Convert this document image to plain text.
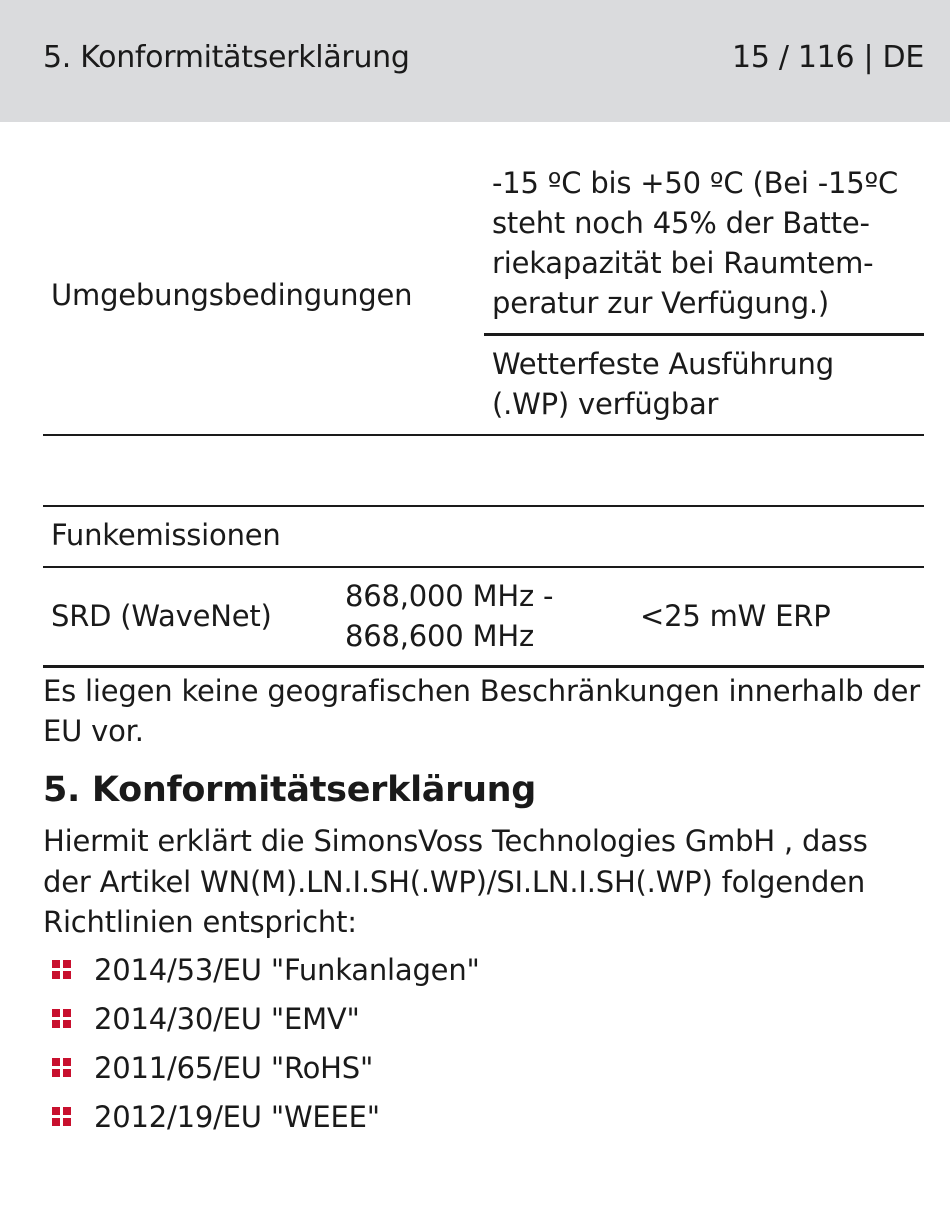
5. Konformitätserklärung	15 / 116 | DE
Umgebungsbedingungen
-15 ºC bis +50 ºC (Bei -15ºC
steht noch 45% der Batte-
riekapazität bei Raumtem-
peratur zur Verfügung.)
Wetterfeste Ausführung
(.WP) verfügbar
Funkemissionen
SRD (WaveNet)
868,000 MHz -
868,600 MHz
<25 mW ERP
Es liegen keine geografischen Beschränkungen innerhalb der
EU vor.
5. Konformitätserklärung
Hiermit erklärt die SimonsVoss Technologies GmbH , dass
der Artikel WN(M).LN.I.SH(.WP)/SI.LN.I.SH(.WP) folgenden
Richtlinien entspricht:
2014/53/EU "Funkanlagen"
2014/30/EU "EMV"
2011/65/EU "RoHS"
2012/19/EU "WEEE"
